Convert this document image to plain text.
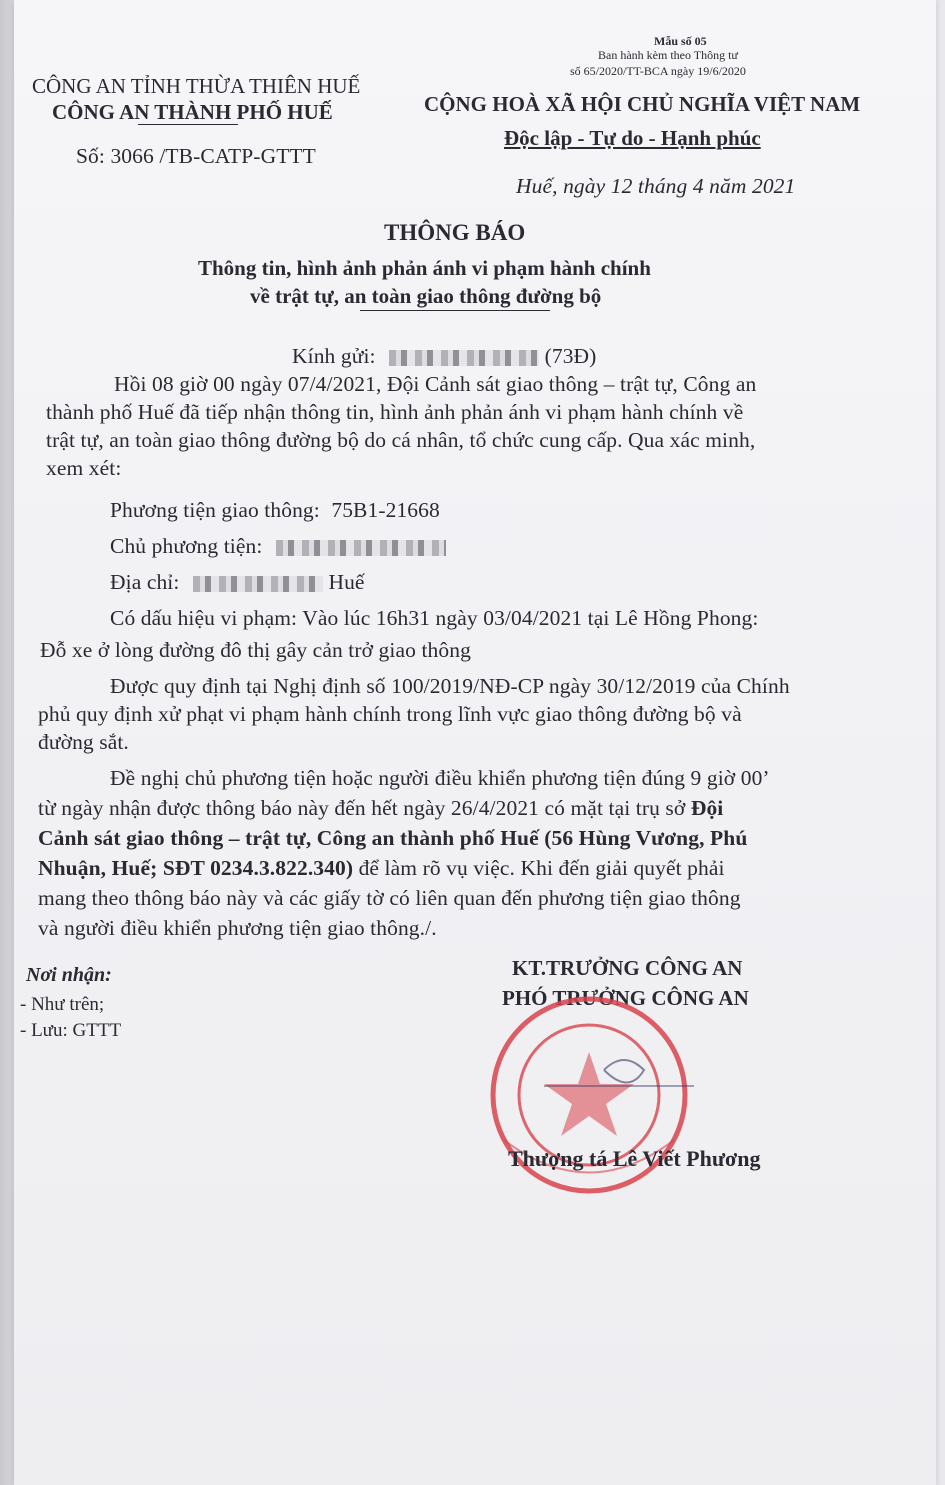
Mẫu số 05
Ban hành kèm theo Thông tư
số 65/2020/TT-BCA ngày 19/6/2020
CÔNG AN TỈNH THỪA THIÊN HUẾ
CÔNG AN THÀNH PHỐ HUẾ
Số: 3066 /TB-CATP-GTTT
CỘNG HOÀ XÃ HỘI CHỦ NGHĨA VIỆT NAM
Độc lập - Tự do - Hạnh phúc
Huế, ngày 12 tháng 4 năm 2021
THÔNG BÁO
Thông tin, hình ảnh phản ánh vi phạm hành chính
về trật tự, an toàn giao thông đường bộ
Kính gửi:	(73Đ)
Hồi 08 giờ 00 ngày 07/4/2021, Đội Cảnh sát giao thông – trật tự, Công an
thành phố Huế đã tiếp nhận thông tin, hình ảnh phản ánh vi phạm hành chính về
trật tự, an toàn giao thông đường bộ do cá nhân, tổ chức cung cấp. Qua xác minh,
xem xét:
Phương tiện giao thông: 75B1-21668
Chủ phương tiện:
Địa chỉ:	Huế
Có dấu hiệu vi phạm: Vào lúc 16h31 ngày 03/04/2021 tại Lê Hồng Phong:
Đỗ xe ở lòng đường đô thị gây cản trở giao thông
Được quy định tại Nghị định số 100/2019/NĐ-CP ngày 30/12/2019 của Chính
phủ quy định xử phạt vi phạm hành chính trong lĩnh vực giao thông đường bộ và
đường sắt.
Đề nghị chủ phương tiện hoặc người điều khiển phương tiện đúng 9 giờ 00’
từ ngày nhận được thông báo này đến hết ngày 26/4/2021 có mặt tại trụ sở Đội
Cảnh sát giao thông – trật tự, Công an thành phố Huế (56 Hùng Vương, Phú
Nhuận, Huế; SĐT 0234.3.822.340) để làm rõ vụ việc. Khi đến giải quyết phải
mang theo thông báo này và các giấy tờ có liên quan đến phương tiện giao thông
và người điều khiển phương tiện giao thông./.
Nơi nhận:
- Như trên;
- Lưu: GTTT
KT.TRƯỞNG CÔNG AN
PHÓ TRƯỞNG CÔNG AN
Thượng tá Lê Viết Phương
